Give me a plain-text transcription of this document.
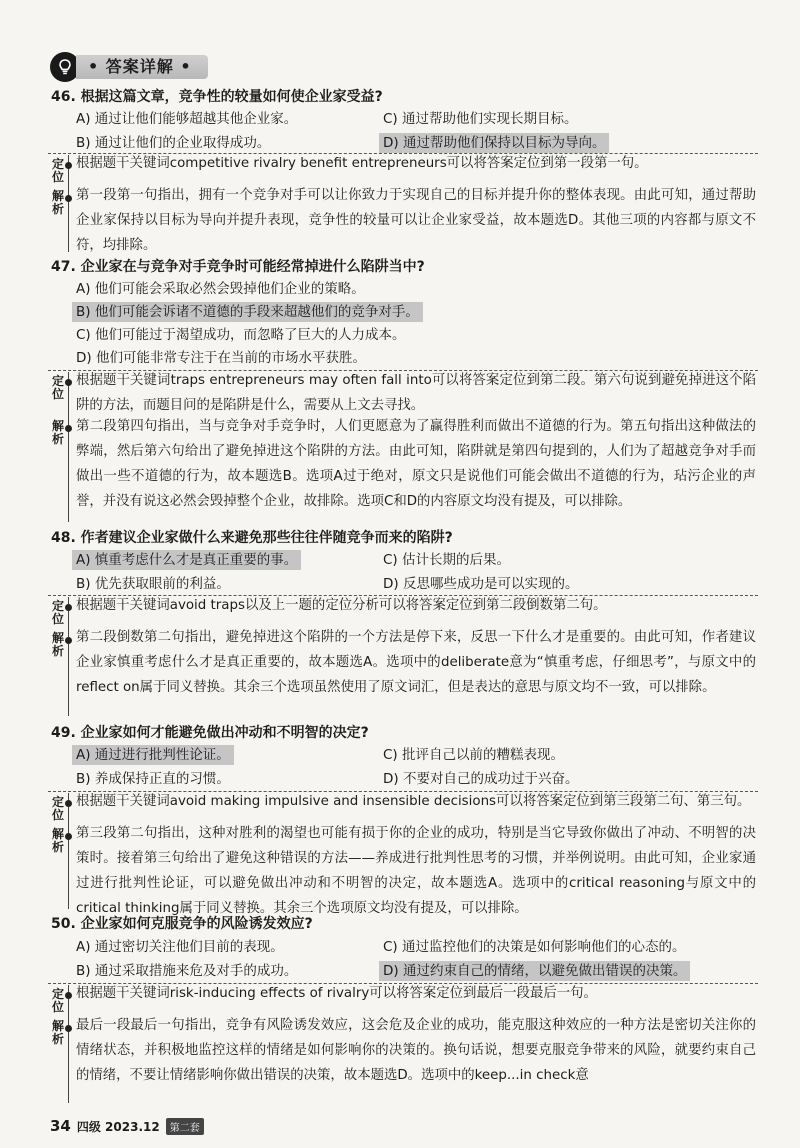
• 答案详解 •
46. 根据这篇文章，竞争性的较量如何使企业家受益?
A) 通过让他们能够超越其他企业家。	C) 通过帮助他们实现长期目标。
B) 通过让他们的企业取得成功。	D) 通过帮助他们保持以目标为导向。
定
位
根据题干关键词competitive rivalry benefit entrepreneurs可以将答案定位到第一段第一句。
解
析
第一段第一句指出，拥有一个竞争对手可以让你致力于实现自己的目标并提升你的整体表现。由此可知，通过帮助企业家保持以目标为导向并提升表现，竞争性的较量可以让企业家受益，故本题选D。其他三项的内容都与原文不符，均排除。
47. 企业家在与竞争对手竞争时可能经常掉进什么陷阱当中?
A) 他们可能会采取必然会毁掉他们企业的策略。
B) 他们可能会诉诸不道德的手段来超越他们的竞争对手。
C) 他们可能过于渴望成功，而忽略了巨大的人力成本。
D) 他们可能非常专注于在当前的市场水平获胜。
定
位
根据题干关键词traps entrepreneurs may often fall into可以将答案定位到第二段。第六句说到避免掉进这个陷阱的方法，而题目问的是陷阱是什么，需要从上文去寻找。
解
析
第二段第四句指出，当与竞争对手竞争时，人们更愿意为了赢得胜利而做出不道德的行为。第五句指出这种做法的弊端，然后第六句给出了避免掉进这个陷阱的方法。由此可知，陷阱就是第四句提到的，人们为了超越竞争对手而做出一些不道德的行为，故本题选B。选项A过于绝对，原文只是说他们可能会做出不道德的行为，玷污企业的声誉，并没有说这必然会毁掉整个企业，故排除。选项C和D的内容原文均没有提及，可以排除。
48. 作者建议企业家做什么来避免那些往往伴随竞争而来的陷阱?
A) 慎重考虑什么才是真正重要的事。	C) 估计长期的后果。
B) 优先获取眼前的利益。	D) 反思哪些成功是可以实现的。
定
位
根据题干关键词avoid traps以及上一题的定位分析可以将答案定位到第二段倒数第二句。
解
析
第二段倒数第二句指出，避免掉进这个陷阱的一个方法是停下来，反思一下什么才是重要的。由此可知，作者建议企业家慎重考虑什么才是真正重要的，故本题选A。选项中的deliberate意为“慎重考虑，仔细思考”，与原文中的reflect on属于同义替换。其余三个选项虽然使用了原文词汇，但是表达的意思与原文均不一致，可以排除。
49. 企业家如何才能避免做出冲动和不明智的决定?
A) 通过进行批判性论证。	C) 批评自己以前的糟糕表现。
B) 养成保持正直的习惯。	D) 不要对自己的成功过于兴奋。
定
位
根据题干关键词avoid making impulsive and insensible decisions可以将答案定位到第三段第二句、第三句。
解
析
第三段第二句指出，这种对胜利的渴望也可能有损于你的企业的成功，特别是当它导致你做出了冲动、不明智的决策时。接着第三句给出了避免这种错误的方法——养成进行批判性思考的习惯，并举例说明。由此可知，企业家通过进行批判性论证，可以避免做出冲动和不明智的决定，故本题选A。选项中的critical reasoning与原文中的critical thinking属于同义替换。其余三个选项原文均没有提及，可以排除。
50. 企业家如何克服竞争的风险诱发效应?
A) 通过密切关注他们目前的表现。	C) 通过监控他们的决策是如何影响他们的心态的。
B) 通过采取措施来危及对手的成功。	D) 通过约束自己的情绪，以避免做出错误的决策。
定
位
根据题干关键词risk-inducing effects of rivalry可以将答案定位到最后一段最后一句。
解
析
最后一段最后一句指出，竞争有风险诱发效应，这会危及企业的成功，能克服这种效应的一种方法是密切关注你的情绪状态，并积极地监控这样的情绪是如何影响你的决策的。换句话说，想要克服竞争带来的风险，就要约束自己的情绪，不要让情绪影响你做出错误的决策，故本题选D。选项中的keep...in check意
34 四级 2023.12	第二套
